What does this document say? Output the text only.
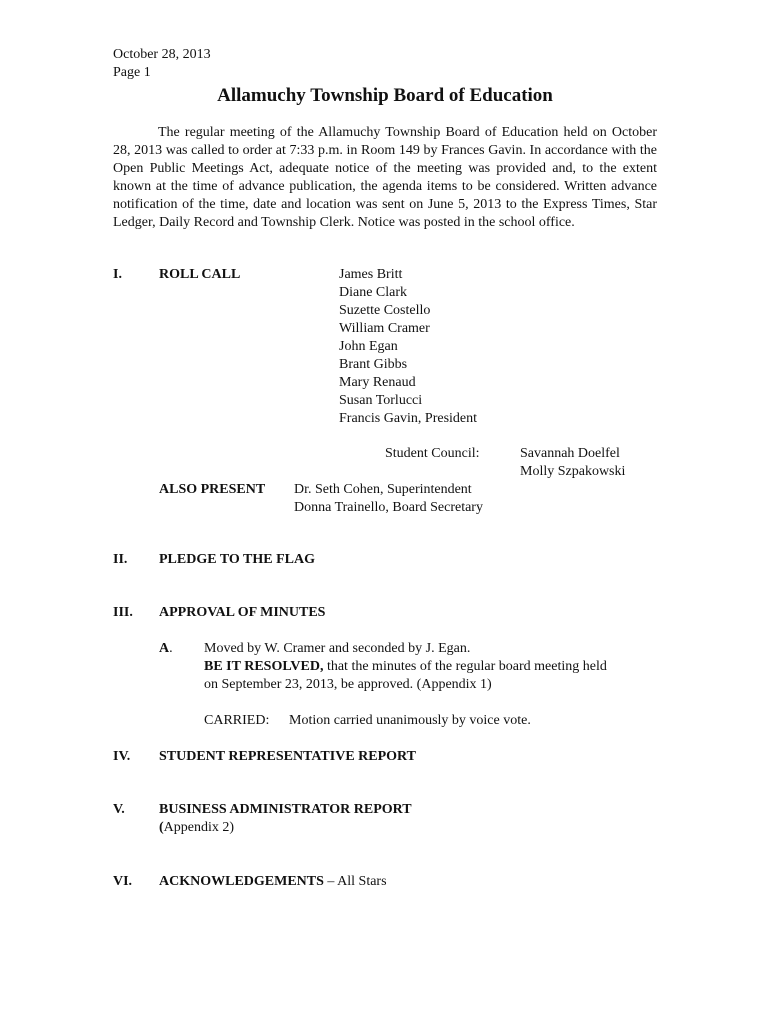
October 28, 2013
Page 1
Allamuchy Township Board of Education
The regular meeting of the Allamuchy Township Board of Education held on October 28, 2013 was called to order at 7:33 p.m. in Room 149 by Frances Gavin. In accordance with the Open Public Meetings Act, adequate notice of the meeting was provided and, to the extent known at the time of advance publication, the agenda items to be considered. Written advance notification of the time, date and location was sent on June 5, 2013 to the Express Times, Star Ledger, Daily Record and Township Clerk. Notice was posted in the school office.
I.	ROLL CALL	James Britt
Diane Clark
Suzette Costello
William Cramer
John Egan
Brant Gibbs
Mary Renaud
Susan Torlucci
Francis Gavin, President
Student Council:	Savannah Doelfel
Molly Szpakowski
ALSO PRESENT Dr. Seth Cohen, Superintendent
Donna Trainello, Board Secretary
II. PLEDGE TO THE FLAG
III. APPROVAL OF MINUTES
A. Moved by W. Cramer and seconded by J. Egan.
BE IT RESOLVED, that the minutes of the regular board meeting held
on September 23, 2013, be approved. (Appendix 1)
CARRIED: Motion carried unanimously by voice vote.
IV. STUDENT REPRESENTATIVE REPORT
V. BUSINESS ADMINISTRATOR REPORT
(Appendix 2)
VI. ACKNOWLEDGEMENTS – All Stars
